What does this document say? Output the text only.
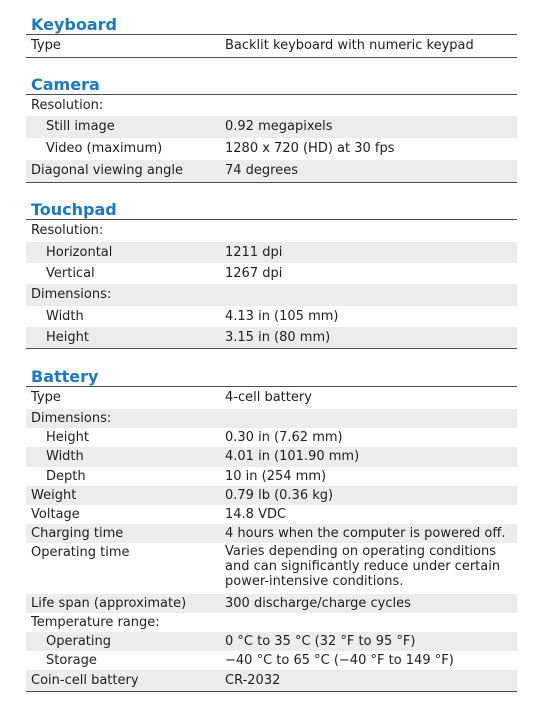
Keyboard
Type	Backlit keyboard with numeric keypad
Camera
Resolution:
Still image	0.92 megapixels
Video (maximum)	1280 x 720 (HD) at 30 fps
Diagonal viewing angle	74 degrees
Touchpad
Resolution:
Horizontal	1211 dpi
Vertical	1267 dpi
Dimensions:
Width	4.13 in (105 mm)
Height	3.15 in (80 mm)
Battery
Type	4-cell battery
Dimensions:
Height	0.30 in (7.62 mm)
Width	4.01 in (101.90 mm)
Depth	10 in (254 mm)
Weight	0.79 lb (0.36 kg)
Voltage	14.8 VDC
Charging time	4 hours when the computer is powered off.
Operating time	Varies depending on operating conditions and can significantly reduce under certain power-intensive conditions.
Life span (approximate)	300 discharge/charge cycles
Temperature range:
Operating	0 °C to 35 °C (32 °F to 95 °F)
Storage	−40 °C to 65 °C (−40 °F to 149 °F)
Coin-cell battery	CR-2032
